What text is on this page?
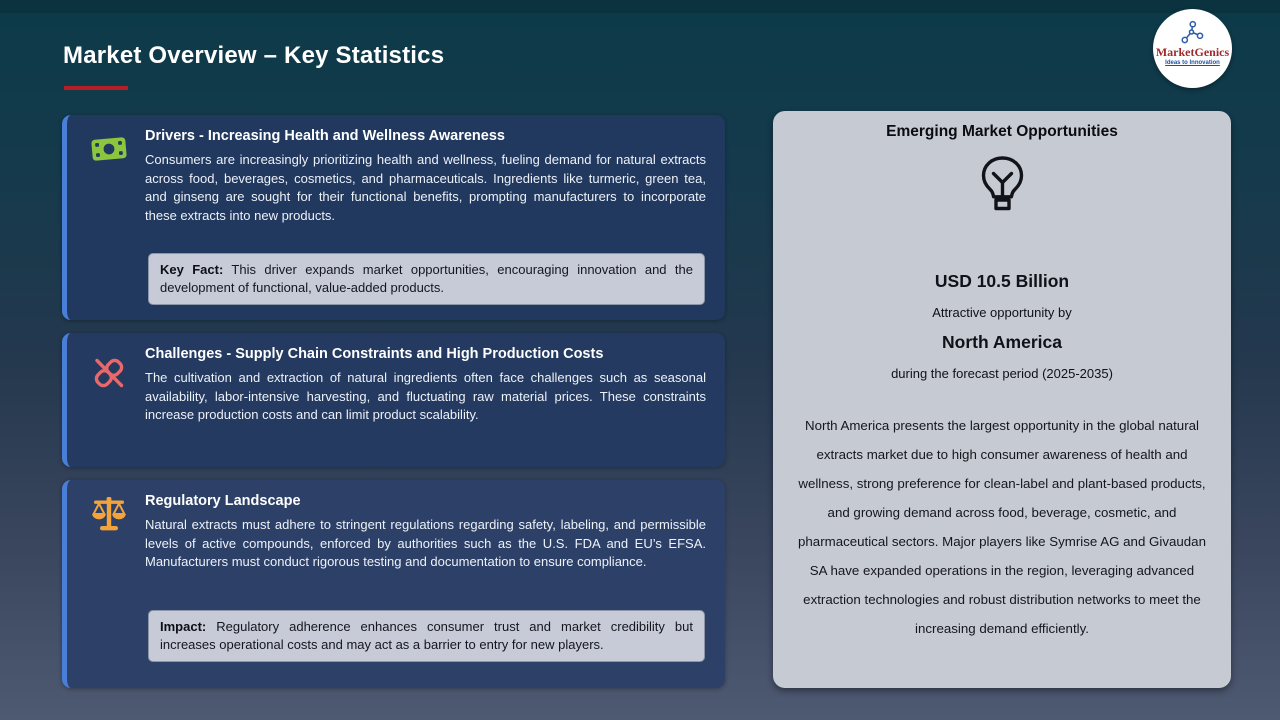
Market Overview – Key Statistics	MarketGenics
Ideas to Innovation
Drivers - Increasing Health and Wellness Awareness

Consumers are increasingly prioritizing health and wellness, fueling demand for natural extracts across food, beverages, cosmetics, and pharmaceuticals. Ingredients like turmeric, green tea, and ginseng are sought for their functional benefits, prompting manufacturers to incorporate these extracts into new products.

Key Fact: This driver expands market opportunities, encouraging innovation and the development of functional, value-added products.
Challenges - Supply Chain Constraints and High Production Costs

The cultivation and extraction of natural ingredients often face challenges such as seasonal availability, labor-intensive harvesting, and fluctuating raw material prices. These constraints increase production costs and can limit product scalability.

Regulatory Landscape

Natural extracts must adhere to stringent regulations regarding safety, labeling, and permissible levels of active compounds, enforced by authorities such as the U.S. FDA and EU’s EFSA. Manufacturers must conduct rigorous testing and documentation to ensure compliance.

Impact: Regulatory adherence enhances consumer trust and market credibility but increases operational costs and may act as a barrier to entry for new players.
Emerging Market Opportunities
USD 10.5 Billion
Attractive opportunity by
North America
during the forecast period (2025-2035)

North America presents the largest opportunity in the global natural extracts market due to high consumer awareness of health and wellness, strong preference for clean-label and plant-based products, and growing demand across food, beverage, cosmetic, and pharmaceutical sectors. Major players like Symrise AG and Givaudan SA have expanded operations in the region, leveraging advanced extraction technologies and robust distribution networks to meet the increasing demand efficiently.
